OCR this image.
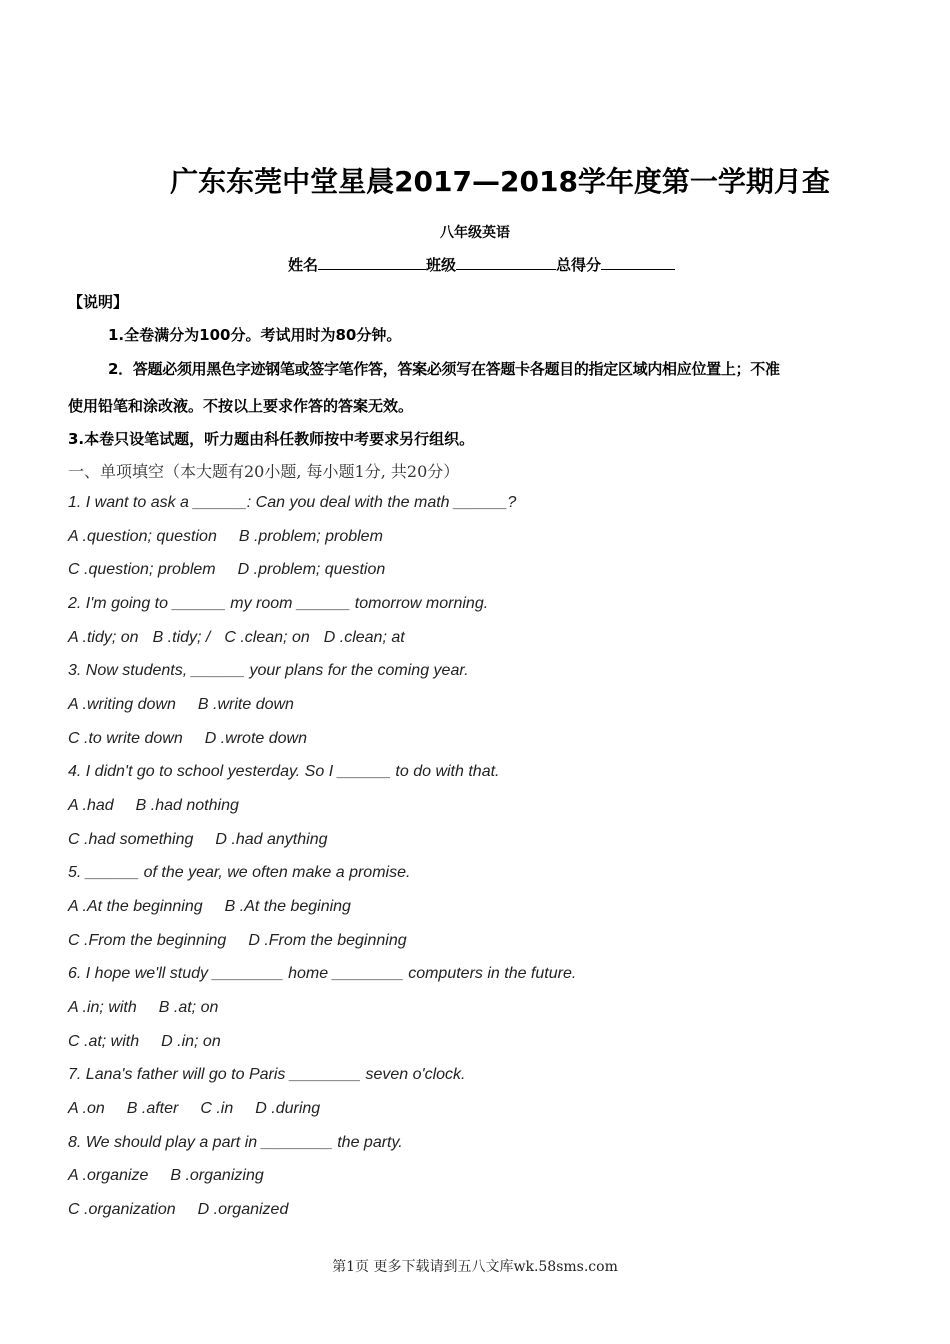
广东东莞中堂星晨2017—2018学年度第一学期月查
八年级英语
姓名	班级	总得分
【说明】
1.全卷满分为100分。考试用时为80分钟。
2．答题必须用黑色字迹钢笔或签字笔作答，答案必须写在答题卡各题目的指定区域内相应位置上；不准
使用铅笔和涂改液。不按以上要求作答的答案无效。
3.本卷只设笔试题，听力题由科任教师按中考要求另行组织。
一、单项填空（本大题有20小题, 每小题1分, 共20分）
1. I want to ask a ______: Can you deal with the math ______?
A .question; question B .problem; problem
C .question; problem D .problem; question
2. I'm going to ______ my room ______ tomorrow morning.
A .tidy; on B .tidy; / C .clean; on D .clean; at
3. Now students, ______ your plans for the coming year.
A .writing down B .write down
C .to write down D .wrote down
4. I didn't go to school yesterday. So I ______ to do with that.
A .had B .had nothing
C .had something D .had anything
5. ______ of the year, we often make a promise.
A .At the beginning B .At the begining
C .From the beginning D .From the beginning
6. I hope we'll study ________ home ________ computers in the future.
A .in; with B .at; on
C .at; with D .in; on
7. Lana's father will go to Paris ________ seven o'clock.
A .on B .after C .in D .during
8. We should play a part in ________ the party.
A .organize B .organizing
C .organization D .organized
第1页 更多下载请到五八文库wk.58sms.com
